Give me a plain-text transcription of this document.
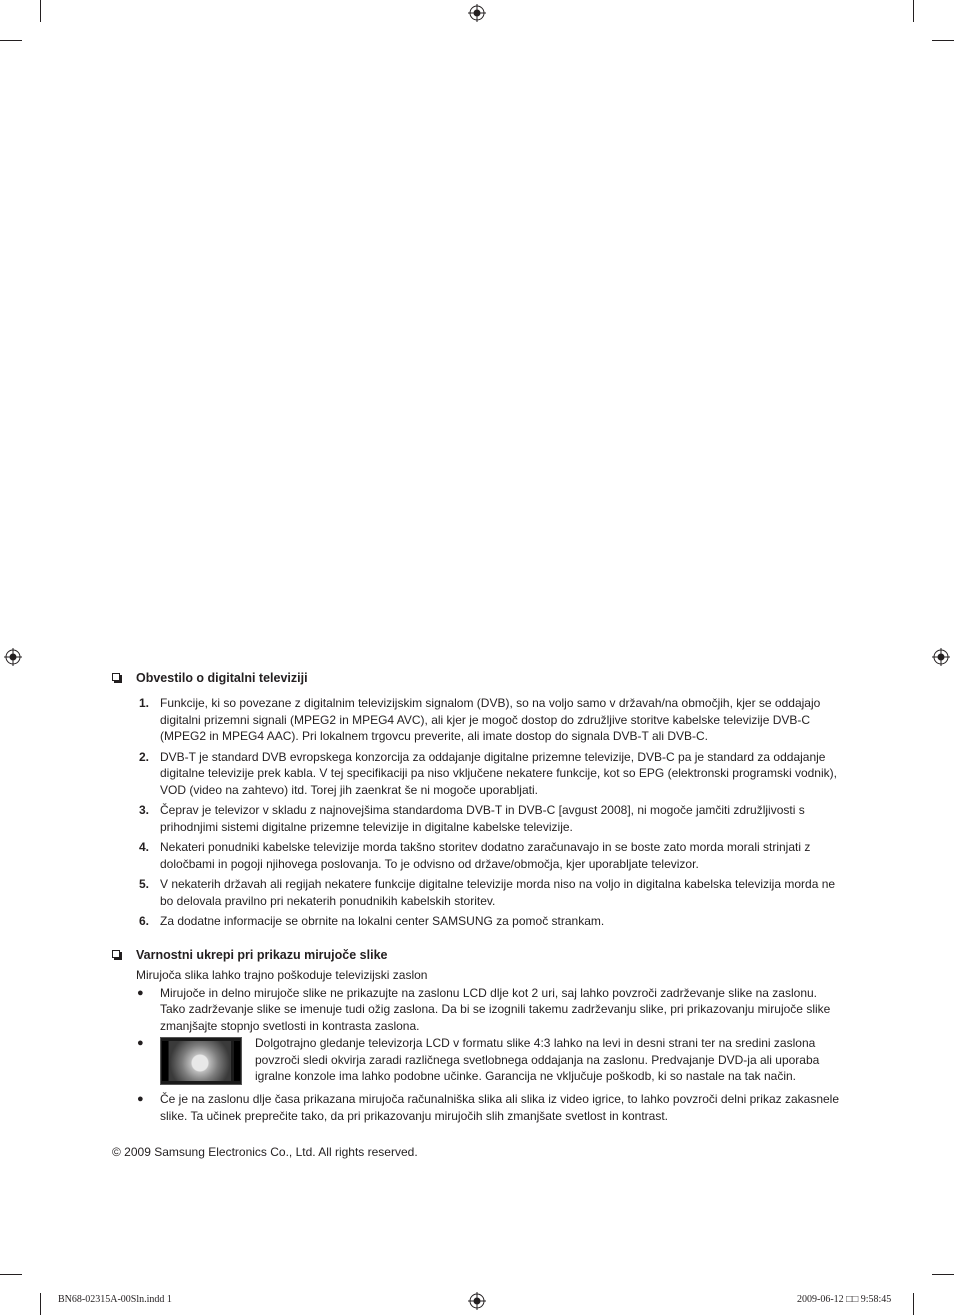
Obvestilo o digitalni televiziji
1. Funkcije, ki so povezane z digitalnim televizijskim signalom (DVB), so na voljo samo v državah/na območjih, kjer se oddajajo digitalni prizemni signali (MPEG2 in MPEG4 AVC), ali kjer je mogoč dostop do združljive storitve kabelske televizije DVB-C (MPEG2 in MPEG4 AAC). Pri lokalnem trgovcu preverite, ali imate dostop do signala DVB-T ali DVB-C.
2. DVB-T je standard DVB evropskega konzorcija za oddajanje digitalne prizemne televizije, DVB-C pa je standard za oddajanje digitalne televizije prek kabla. V tej specifikaciji pa niso vključene nekatere funkcije, kot so EPG (elektronski programski vodnik), VOD (video na zahtevo) itd. Torej jih zaenkrat še ni mogoče uporabljati.
3. Čeprav je televizor v skladu z najnovejšima standardoma DVB-T in DVB-C [avgust 2008], ni mogoče jamčiti združljivosti s prihodnjimi sistemi digitalne prizemne televizije in digitalne kabelske televizije.
4. Nekateri ponudniki kabelske televizije morda takšno storitev dodatno zaračunavajo in se boste zato morda morali strinjati z določbami in pogoji njihovega poslovanja. To je odvisno od države/območja, kjer uporabljate televizor.
5. V nekaterih državah ali regijah nekatere funkcije digitalne televizije morda niso na voljo in digitalna kabelska televizija morda ne bo delovala pravilno pri nekaterih ponudnikih kabelskih storitev.
6. Za dodatne informacije se obrnite na lokalni center SAMSUNG za pomoč strankam.
Varnostni ukrepi pri prikazu mirujoče slike
Mirujoča slika lahko trajno poškoduje televizijski zaslon
● Mirujoče in delno mirujoče slike ne prikazujte na zaslonu LCD dlje kot 2 uri, saj lahko povzroči zadrževanje slike na zaslonu. Tako zadrževanje slike se imenuje tudi ožig zaslona. Da bi se izognili takemu zadrževanju slike, pri prikazovanju mirujoče slike zmanjšajte stopnjo svetlosti in kontrasta zaslona.
●	Dolgotrajno gledanje televizorja LCD v formatu slike 4:3 lahko na levi in desni strani ter na sredini zaslona povzroči sledi okvirja zaradi različnega svetlobnega oddajanja na zaslonu. Predvajanje DVD-ja ali uporaba igralne konzole ima lahko podobne učinke. Garancija ne vključuje poškodb, ki so nastale na tak način.
● Če je na zaslonu dlje časa prikazana mirujoča računalniška slika ali slika iz video igrice, to lahko povzroči delni prikaz zakasnele slike. Ta učinek preprečite tako, da pri prikazovanju mirujočih slih zmanjšate svetlost in kontrast.
© 2009 Samsung Electronics Co., Ltd. All rights reserved.
BN68-02315A-00Sln.indd 1	2009-06-12 □□ 9:58:45
